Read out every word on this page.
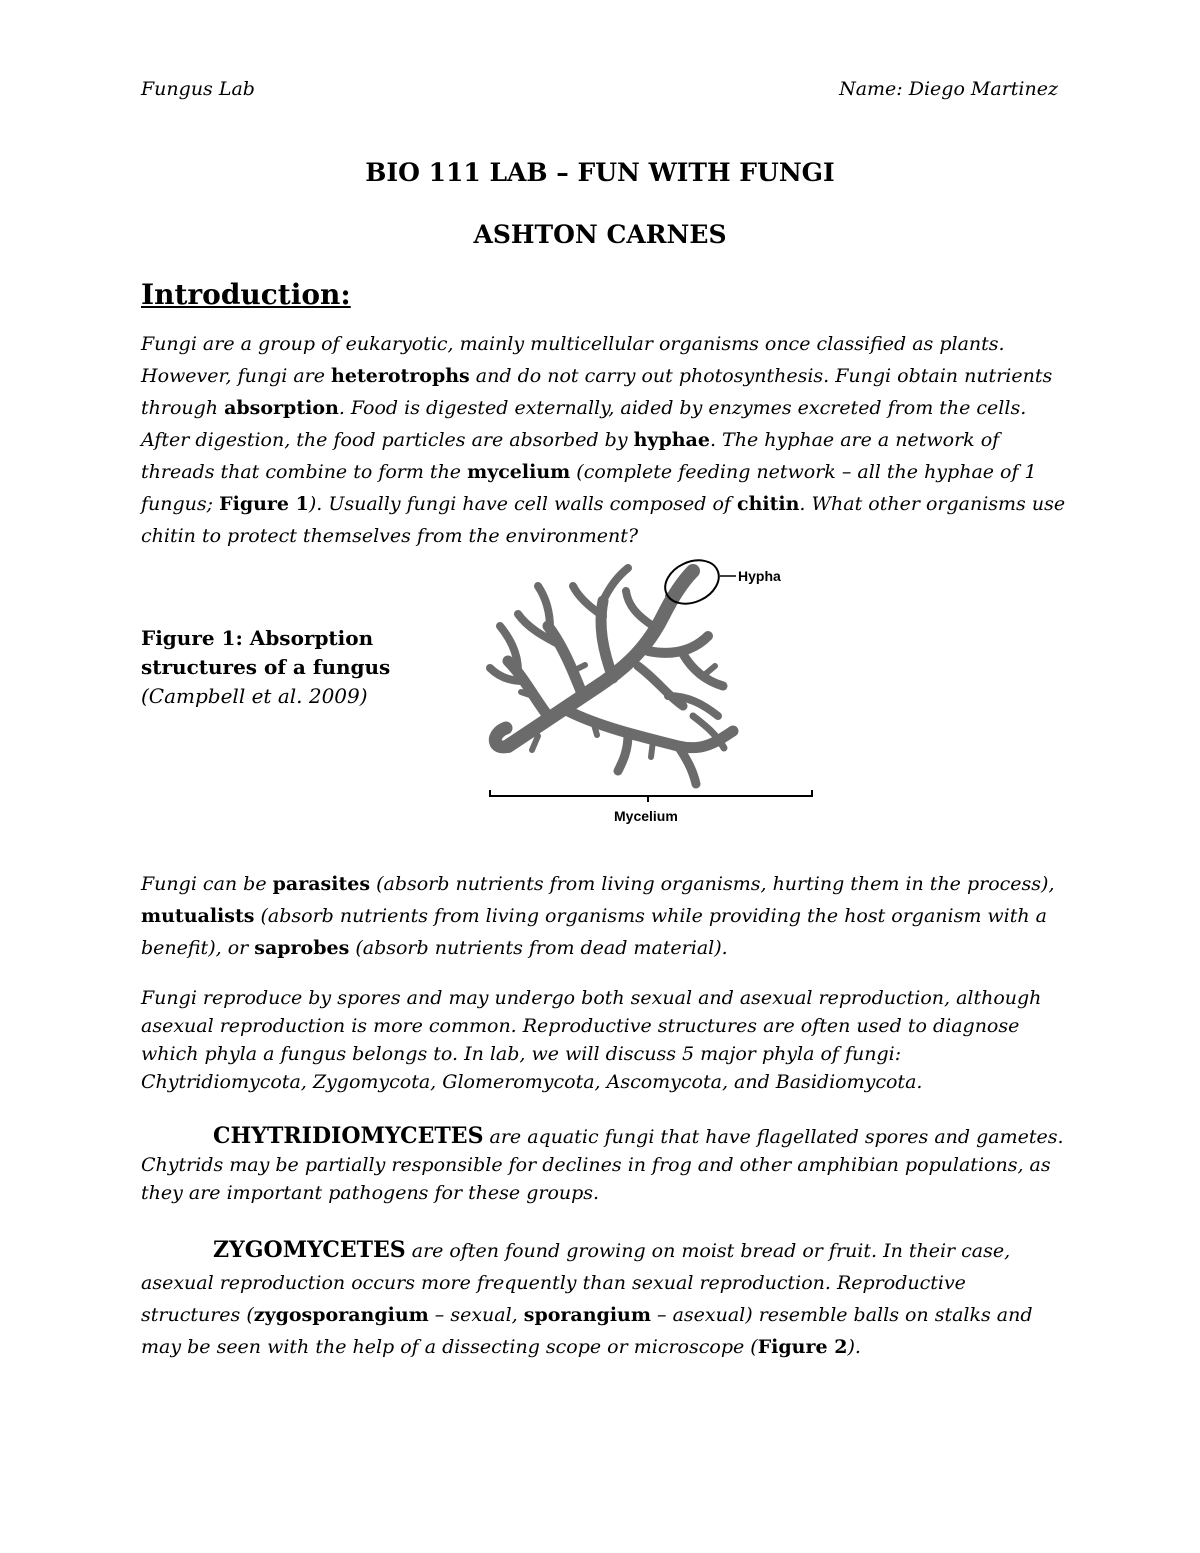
Fungus Lab	Name: Diego Martinez
BIO 111 LAB – FUN WITH FUNGI
ASHTON CARNES
Introduction:
Fungi are a group of eukaryotic, mainly multicellular organisms once classified as plants. However, fungi are heterotrophs and do not carry out photosynthesis. Fungi obtain nutrients through absorption. Food is digested externally, aided by enzymes excreted from the cells. After digestion, the food particles are absorbed by hyphae. The hyphae are a network of threads that combine to form the mycelium (complete feeding network – all the hyphae of 1 fungus; Figure 1). Usually fungi have cell walls composed of chitin. What other organisms use chitin to protect themselves from the environment?
Figure 1: Absorption structures of a fungus
(Campbell et al. 2009)
Hypha
Mycelium
Fungi can be parasites (absorb nutrients from living organisms, hurting them in the process), mutualists (absorb nutrients from living organisms while providing the host organism with a benefit), or saprobes (absorb nutrients from dead material).
Fungi reproduce by spores and may undergo both sexual and asexual reproduction, although asexual reproduction is more common. Reproductive structures are often used to diagnose which phyla a fungus belongs to. In lab, we will discuss 5 major phyla of fungi: Chytridiomycota, Zygomycota, Glomeromycota, Ascomycota, and Basidiomycota.
CHYTRIDIOMYCETES are aquatic fungi that have flagellated spores and gametes. Chytrids may be partially responsible for declines in frog and other amphibian populations, as they are important pathogens for these groups.
ZYGOMYCETES are often found growing on moist bread or fruit. In their case, asexual reproduction occurs more frequently than sexual reproduction. Reproductive structures (zygosporangium – sexual, sporangium – asexual) resemble balls on stalks and may be seen with the help of a dissecting scope or microscope (Figure 2).
